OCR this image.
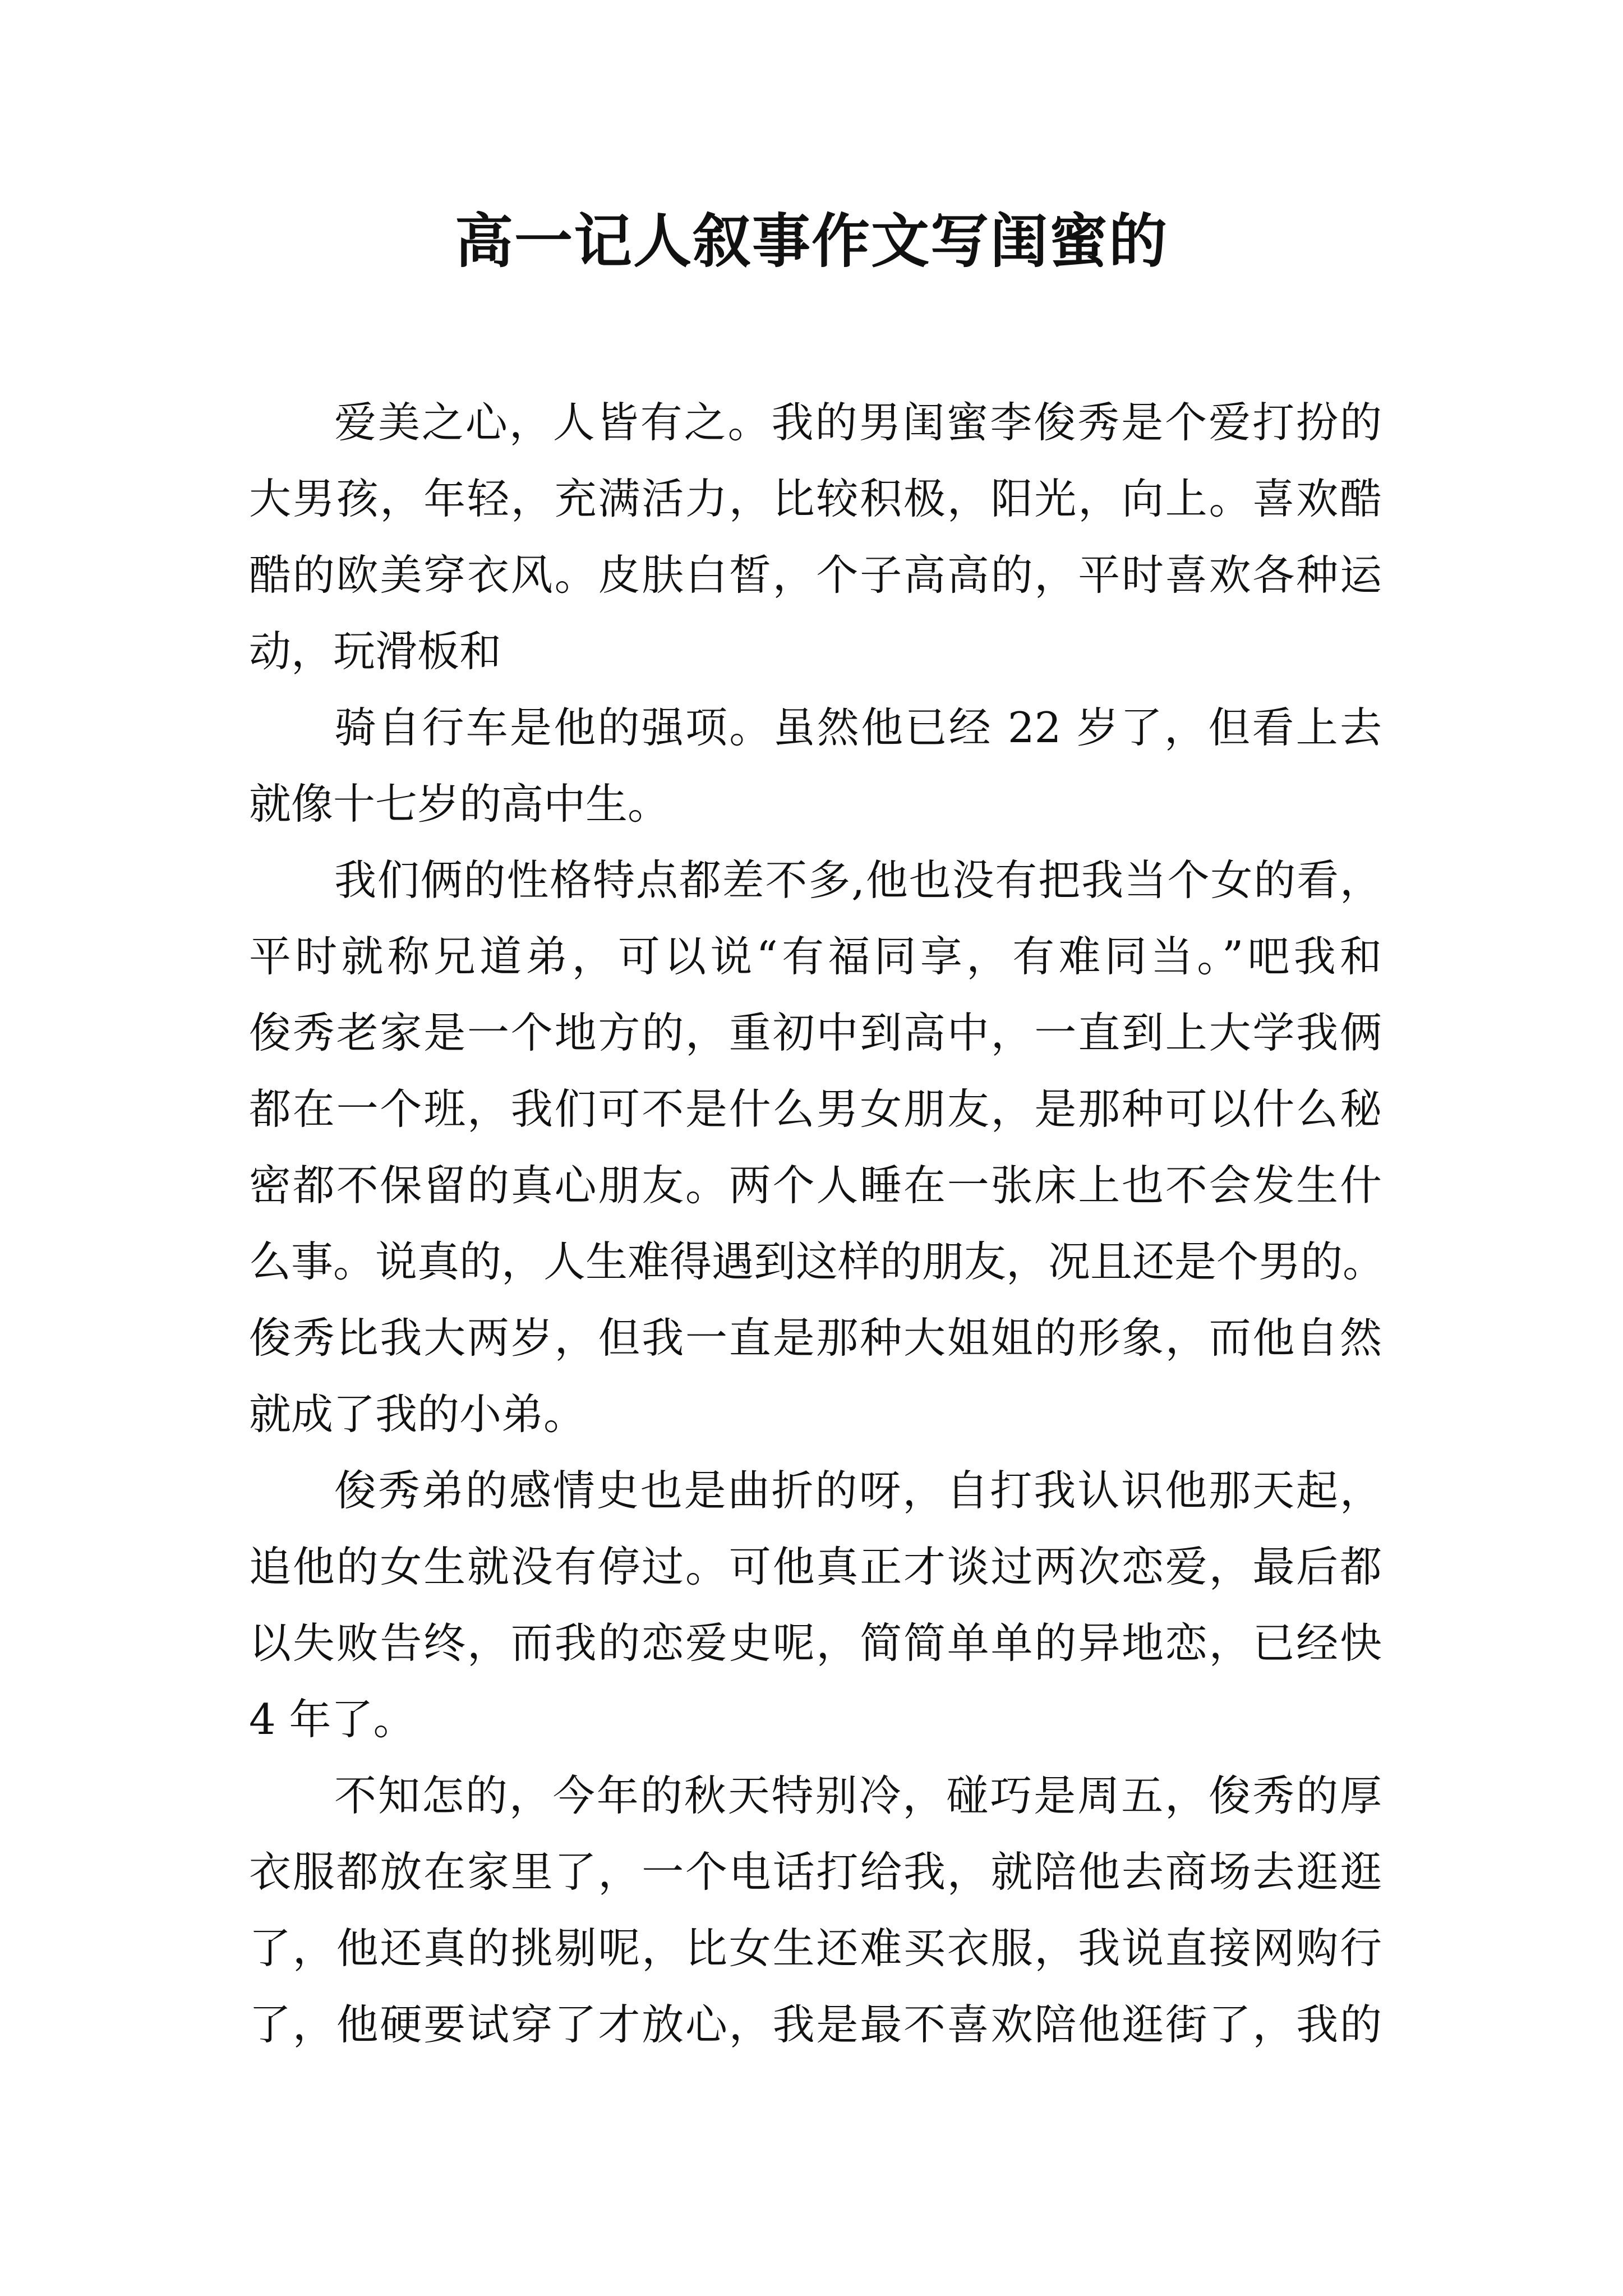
高一记人叙事作文写闺蜜的
爱美之心，人皆有之。我的男闺蜜李俊秀是个爱打扮的
大男孩，年轻，充满活力，比较积极，阳光，向上。喜欢酷
酷的欧美穿衣风。皮肤白皙，个子高高的，平时喜欢各种运
动，玩滑板和
骑自行车是他的强项。虽然他已经 22 岁了，但看上去
就像十七岁的高中生。
我们俩的性格特点都差不多,他也没有把我当个女的看，
平时就称兄道弟，可以说“有福同享，有难同当。”吧我和
俊秀老家是一个地方的，重初中到高中，一直到上大学我俩
都在一个班，我们可不是什么男女朋友，是那种可以什么秘
密都不保留的真心朋友。两个人睡在一张床上也不会发生什
么事。说真的，人生难得遇到这样的朋友，况且还是个男的。
俊秀比我大两岁，但我一直是那种大姐姐的形象，而他自然
就成了我的小弟。
俊秀弟的感情史也是曲折的呀，自打我认识他那天起，
追他的女生就没有停过。可他真正才谈过两次恋爱，最后都
以失败告终，而我的恋爱史呢，简简单单的异地恋，已经快
4 年了。
不知怎的，今年的秋天特别冷，碰巧是周五，俊秀的厚
衣服都放在家里了，一个电话打给我，就陪他去商场去逛逛
了，他还真的挑剔呢，比女生还难买衣服，我说直接网购行
了，他硬要试穿了才放心，我是最不喜欢陪他逛街了，我的
